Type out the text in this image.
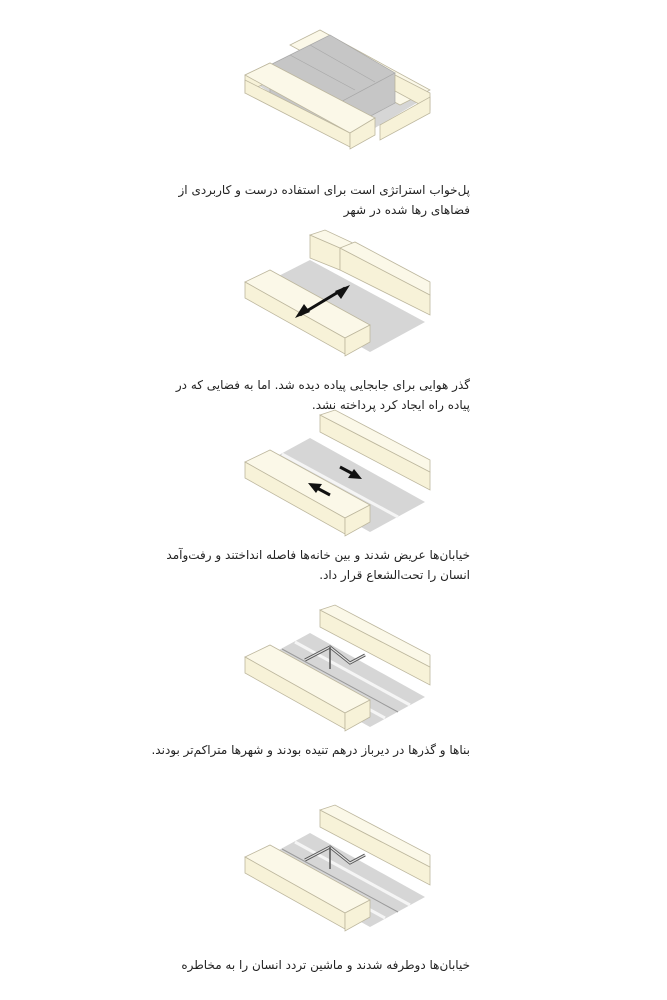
پل‌خواب استراتژی است برای استفاده درست و کاربردی از فضاهای رها شده در شهر
گذر هوایی برای جابجایی پیاده دیده شد. اما به فضایی که در پیاده راه ایجاد کرد پرداخته نشد.
خیابان‌ها عریض شدند و بین خانه‌ها فاصله انداختند و رفت‌وآمد انسان را تحت‌الشعاع قرار داد.
بناها و گذرها در دیرباز درهم تنیده بودند و شهرها متراکم‌تر بودند.
خیابان‌ها دوطرفه شدند و ماشین تردد انسان را به مخاطره
